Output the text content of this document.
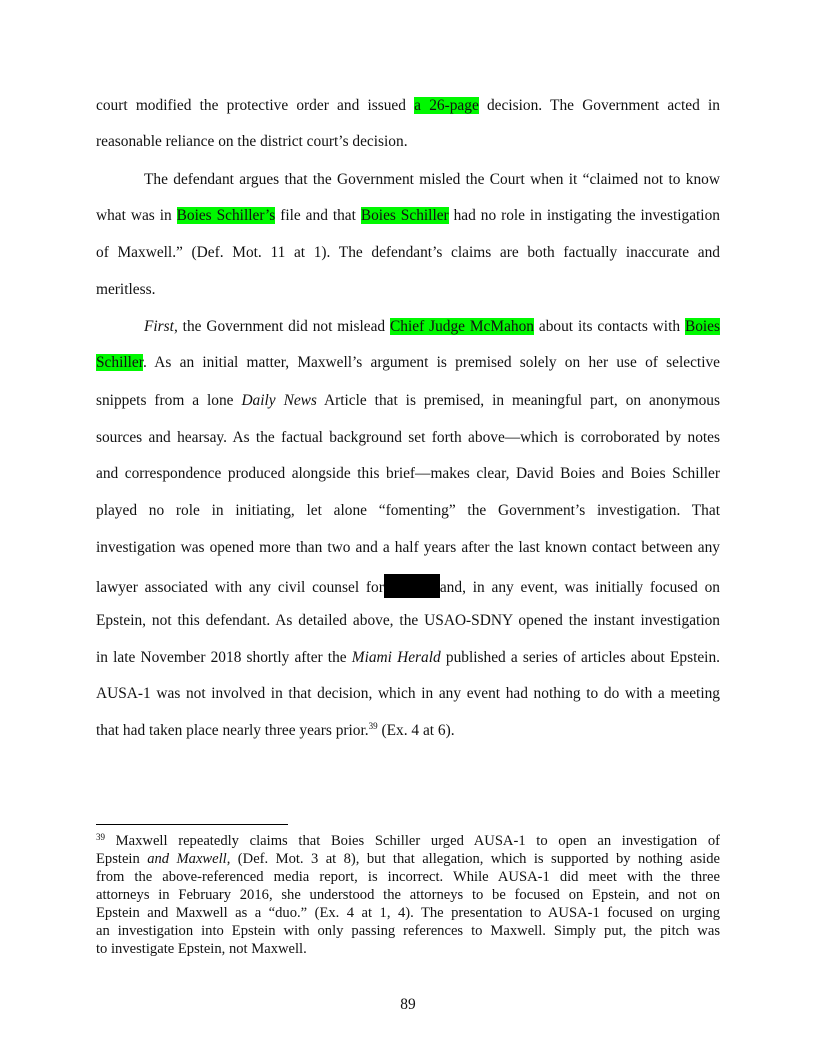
court modified the protective order and issued a 26-page decision. The Government acted in
reasonable reliance on the district court’s decision.
The defendant argues that the Government misled the Court when it “claimed not to know
what was in Boies Schiller’s file and that Boies Schiller had no role in instigating the investigation
of Maxwell.” (Def. Mot. 11 at 1). The defendant’s claims are both factually inaccurate and
meritless.
First, the Government did not mislead Chief Judge McMahon about its contacts with Boies
Schiller. As an initial matter, Maxwell’s argument is premised solely on her use of selective
snippets from a lone Daily News Article that is premised, in meaningful part, on anonymous
sources and hearsay. As the factual background set forth above—which is corroborated by notes
and correspondence produced alongside this brief—makes clear, David Boies and Boies Schiller
played no role in initiating, let alone “fomenting” the Government’s investigation. That
investigation was opened more than two and a half years after the last known contact between any
lawyer associated with any civil counsel for	and, in any event, was initially focused on
Epstein, not this defendant. As detailed above, the USAO-SDNY opened the instant investigation
in late November 2018 shortly after the Miami Herald published a series of articles about Epstein.
AUSA-1 was not involved in that decision, which in any event had nothing to do with a meeting
that had taken place nearly three years prior.$^{39}$ (Ex. 4 at 6).
$^{39}$ Maxwell repeatedly claims that Boies Schiller urged AUSA-1 to open an investigation of
Epstein and Maxwell, (Def. Mot. 3 at 8), but that allegation, which is supported by nothing aside
from the above-referenced media report, is incorrect. While AUSA-1 did meet with the three
attorneys in February 2016, she understood the attorneys to be focused on Epstein, and not on
Epstein and Maxwell as a “duo.” (Ex. 4 at 1, 4). The presentation to AUSA-1 focused on urging
an investigation into Epstein with only passing references to Maxwell. Simply put, the pitch was
to investigate Epstein, not Maxwell.
89
